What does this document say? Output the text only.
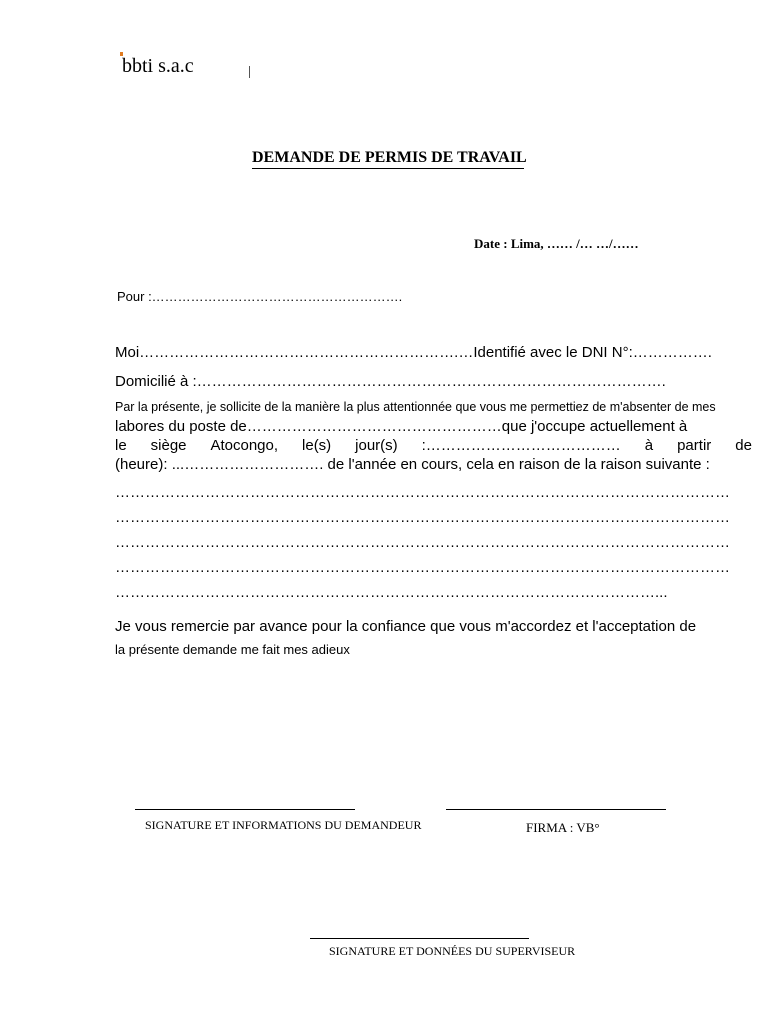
bbti s.a.c
DEMANDE DE PERMIS DE TRAVAIL
Date : Lima, …… /… …/……
Pour :………………………………………………….
Moi……………………………………………………….…Identifié avec le DNI N°:…………….
Domicilié à :………………………………………………………………………………….
Par la présente, je sollicite de la manière la plus attentionnée que vous me permettiez de m'absenter de mes
labores du poste de……………………………………………que j'occupe actuellement à
le siège Atocongo, le(s) jour(s) :………………………………… à partir de
(heure): ...………………………. de l'année en cours, cela en raison de la raison suivante :
……………………………………………………………………………………………………………
……………………………………………………………………………………………………………
……………………………………………………………………………………………………………
……………………………………………………………………………………………………………
………………………………………………………………………………………………...
Je vous remercie par avance pour la confiance que vous m'accordez et l'acceptation de
la présente demande me fait mes adieux
SIGNATURE ET INFORMATIONS DU DEMANDEUR	FIRMA : VB°
SIGNATURE ET DONNÉES DU SUPERVISEUR
